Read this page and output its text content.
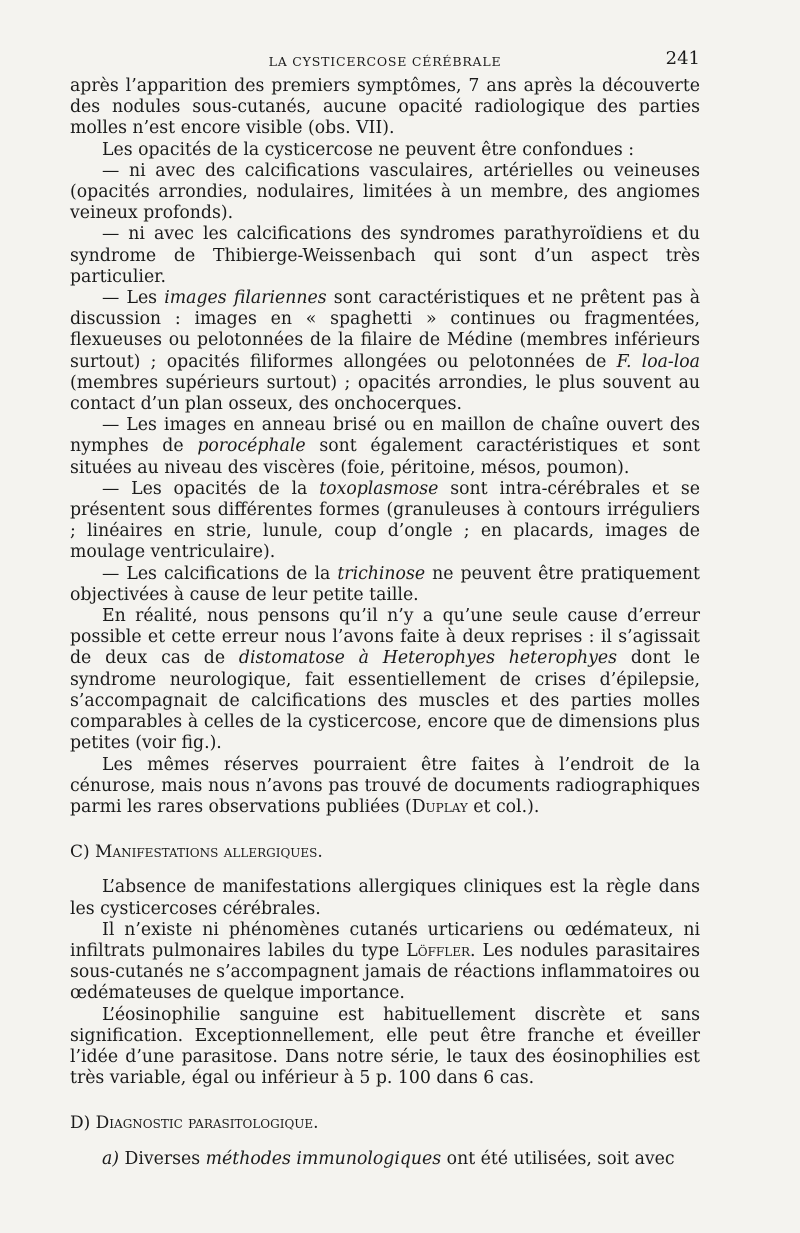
LA CYSTICERCOSE CÉRÉBRALE	241

après l’apparition des premiers symptômes, 7 ans après la découverte des nodules sous-cutanés, aucune opacité radiologique des parties molles n’est encore visible (obs. VII).

Les opacités de la cysticercose ne peuvent être confondues :

— ni avec des calcifications vasculaires, artérielles ou veineuses (opacités arrondies, nodulaires, limitées à un membre, des angiomes veineux profonds).

— ni avec les calcifications des syndromes parathyroïdiens et du syndrome de Thibierge-Weissenbach qui sont d’un aspect très particulier.

— Les images filariennes sont caractéristiques et ne prêtent pas à discussion : images en « spaghetti » continues ou fragmentées, flexueuses ou pelotonnées de la filaire de Médine (membres inférieurs surtout) ; opacités filiformes allongées ou pelotonnées de F. loa-loa (membres supérieurs surtout) ; opacités arrondies, le plus souvent au contact d’un plan osseux, des onchocerques.

— Les images en anneau brisé ou en maillon de chaîne ouvert des nymphes de porocéphale sont également caractéristiques et sont situées au niveau des viscères (foie, péritoine, mésos, poumon).

— Les opacités de la toxoplasmose sont intra-cérébrales et se présentent sous différentes formes (granuleuses à contours irréguliers ; linéaires en strie, lunule, coup d’ongle ; en placards, images de moulage ventriculaire).

— Les calcifications de la trichinose ne peuvent être pratiquement objectivées à cause de leur petite taille.

En réalité, nous pensons qu’il n’y a qu’une seule cause d’erreur possible et cette erreur nous l’avons faite à deux reprises : il s’agissait de deux cas de distomatose à Heterophyes heterophyes dont le syndrome neurologique, fait essentiellement de crises d’épilepsie, s’accompagnait de calcifications des muscles et des parties molles comparables à celles de la cysticercose, encore que de dimensions plus petites (voir fig.).

Les mêmes réserves pourraient être faites à l’endroit de la cénurose, mais nous n’avons pas trouvé de documents radiographiques parmi les rares observations publiées (Duplay et col.).

C) Manifestations allergiques.

L’absence de manifestations allergiques cliniques est la règle dans les cysticercoses cérébrales.

Il n’existe ni phénomènes cutanés urticariens ou œdémateux, ni infiltrats pulmonaires labiles du type Löffler. Les nodules parasitaires sous-cutanés ne s’accompagnent jamais de réactions inflammatoires ou œdémateuses de quelque importance.

L’éosinophilie sanguine est habituellement discrète et sans signification. Exceptionnellement, elle peut être franche et éveiller l’idée d’une parasitose. Dans notre série, le taux des éosinophilies est très variable, égal ou inférieur à 5 p. 100 dans 6 cas.

D) Diagnostic parasitologique.

a) Diverses méthodes immunologiques ont été utilisées, soit avec
